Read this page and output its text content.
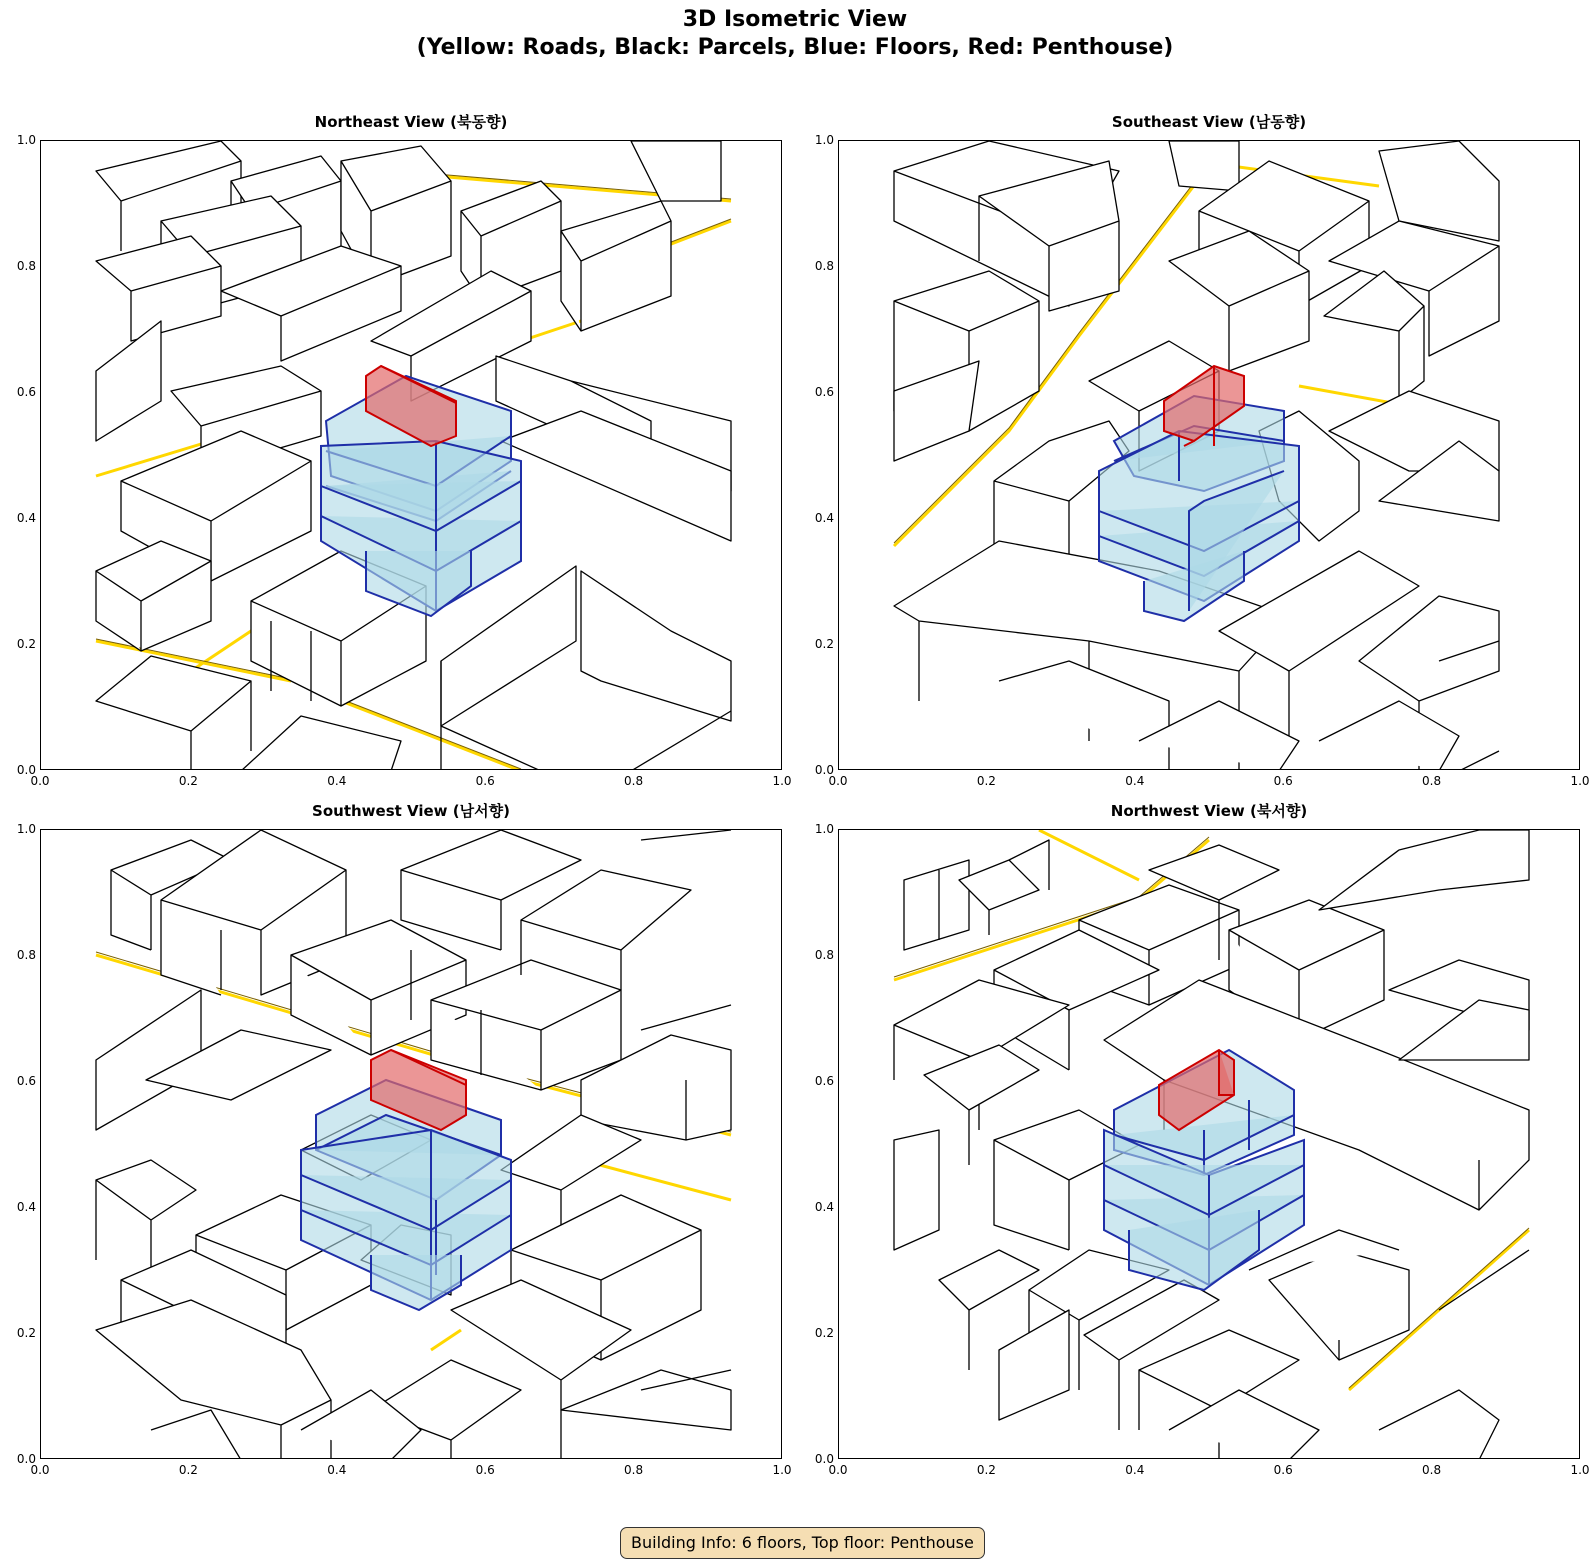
3D Isometric View
(Yellow: Roads, Black: Parcels, Blue: Floors, Red: Penthouse)
Northeast View (북동향)	Southeast View (남동향)
Southwest View (남서향)	Northwest View (북서향)
0.0
0.0
0.2
0.2
0.4
0.4
0.6
0.6
0.8
0.8
1.0
1.0
0.0
0.0
0.2
0.2
0.4
0.4
0.6
0.6
0.8
0.8
1.0
1.0
0.0
0.0
0.2
0.2
0.4
0.4
0.6
0.6
0.8
0.8
1.0
1.0
0.0
0.0
0.2
0.2
0.4
0.4
0.6
0.6
0.8
0.8
1.0
1.0
Building Info: 6 floors, Top floor: Penthouse
